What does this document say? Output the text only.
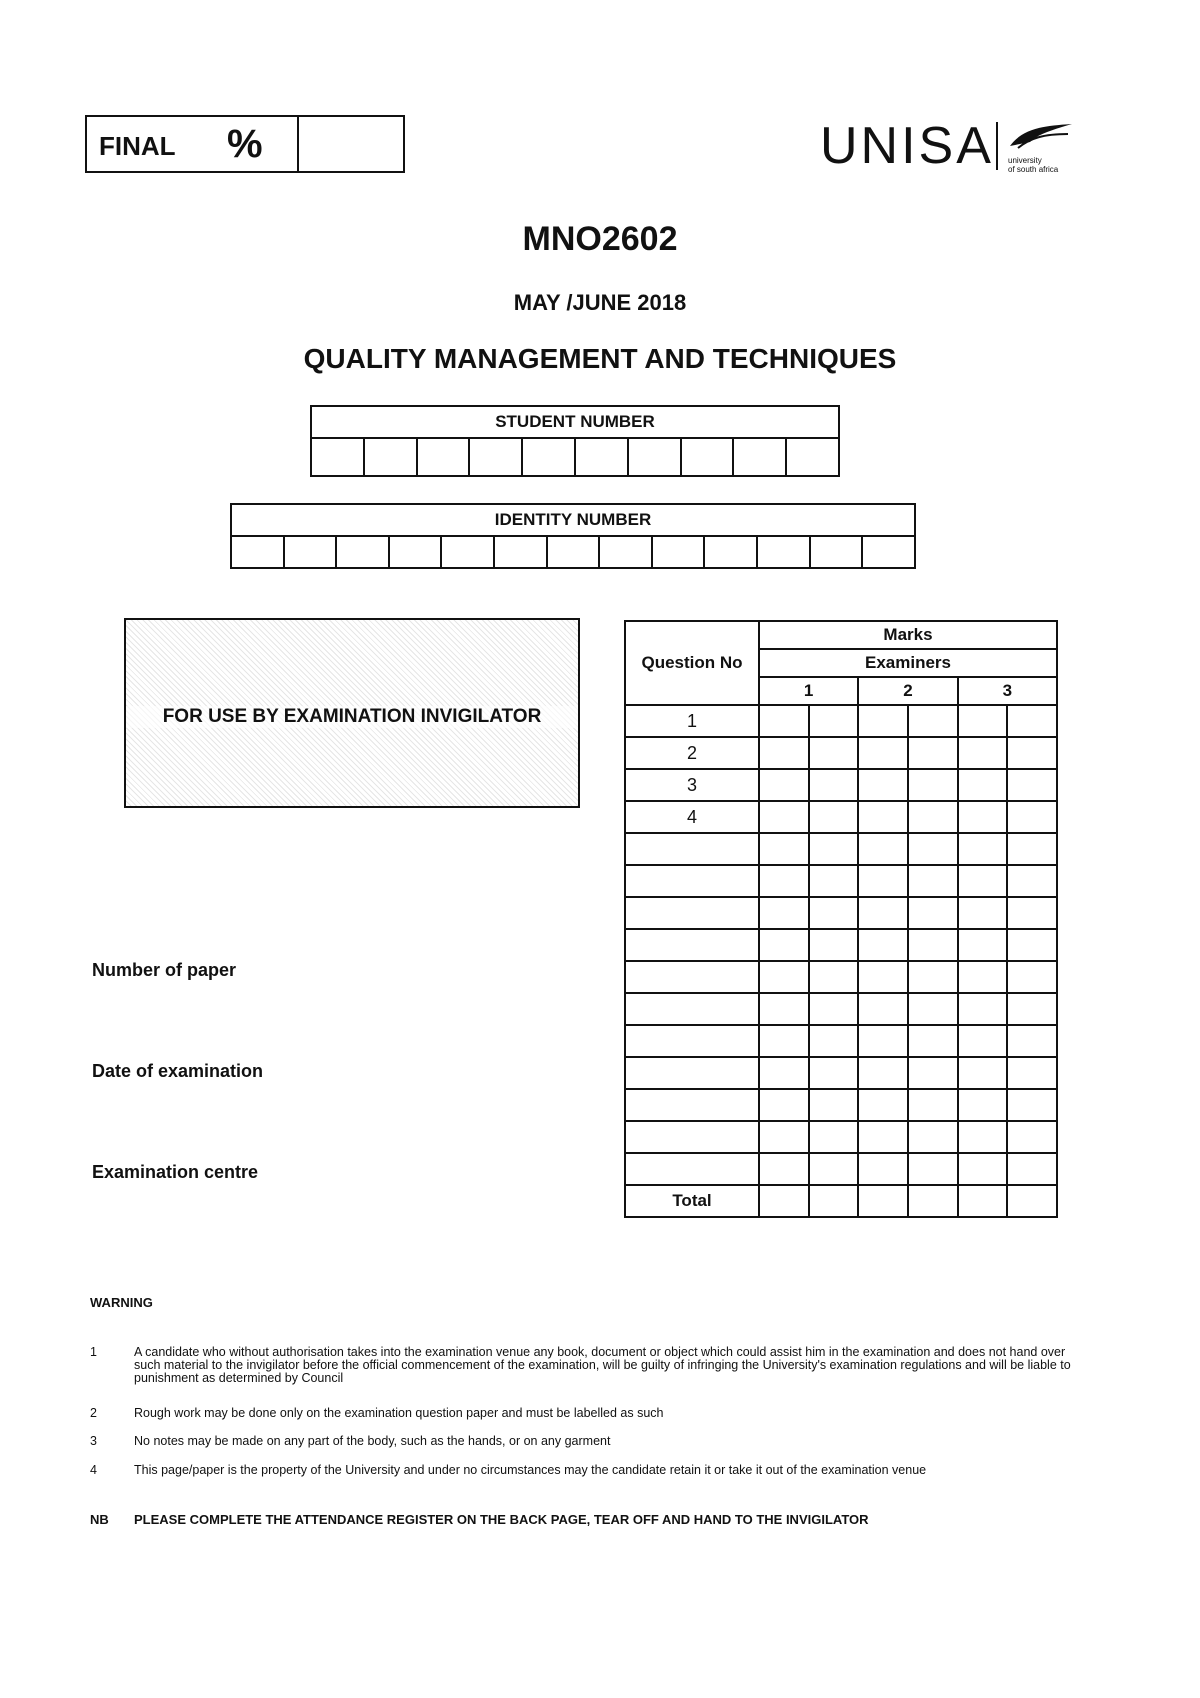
FINAL %	UNISA university
of south africa
MNO2602
MAY /JUNE 2018
QUALITY MANAGEMENT AND TECHNIQUES
STUDENT NUMBER
IDENTITY NUMBER
FOR USE BY EXAMINATION INVIGILATOR
Number of paper
Date of examination
Examination centre
Question No	Marks					
	Examiners					
	1		2		3	
1						
2						
3						
4						

Total						
WARNING
1	A candidate who without authorisation takes into the examination venue any book, document or object which could assist him in the examination and does not hand over such material to the invigilator before the official commencement of the examination, will be guilty of infringing the University's examination regulations and will be liable to punishment as determined by Council
2	Rough work may be done only on the examination question paper and must be labelled as such
3	No notes may be made on any part of the body, such as the hands, or on any garment
4	This page/paper is the property of the University and under no circumstances may the candidate retain it or take it out of the examination venue
NB	PLEASE COMPLETE THE ATTENDANCE REGISTER ON THE BACK PAGE, TEAR OFF AND HAND TO THE INVIGILATOR
